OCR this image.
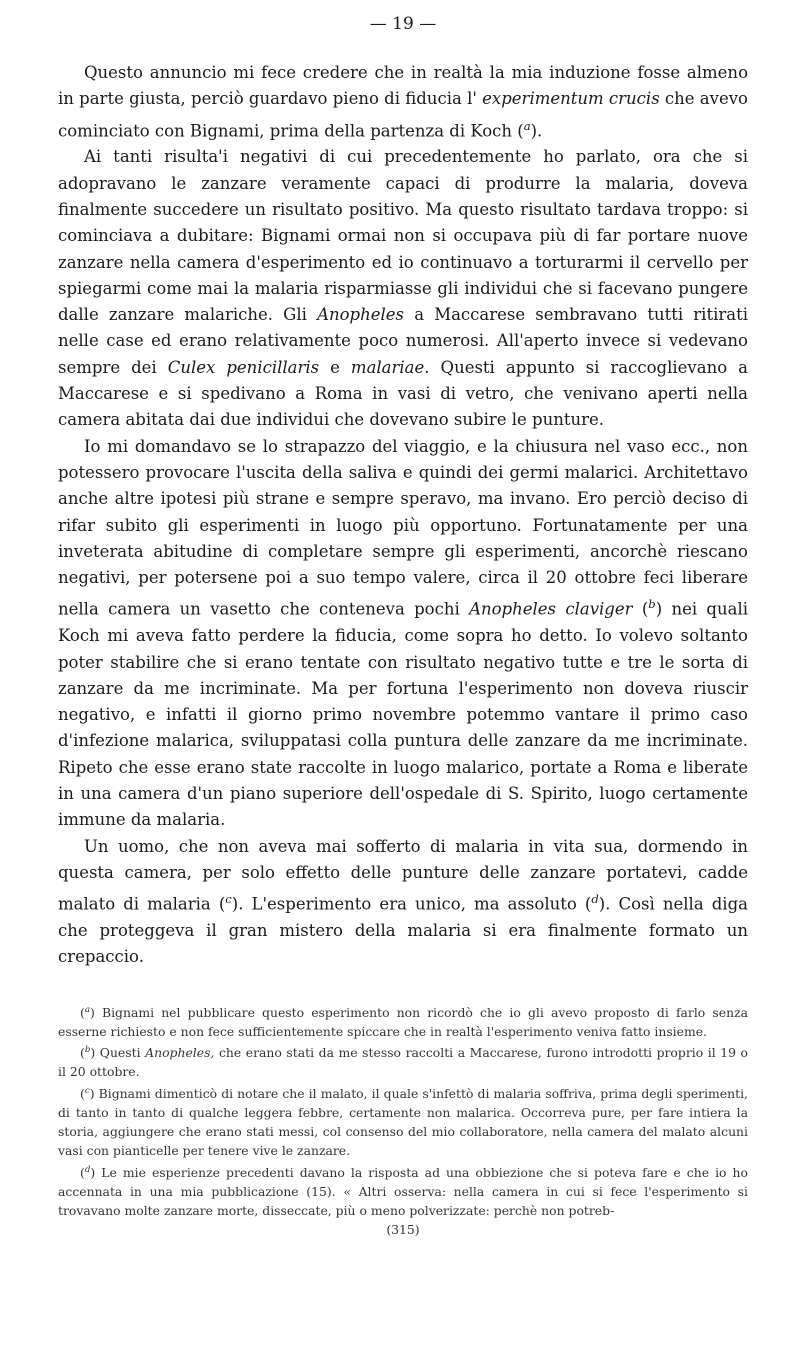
— 19 —

Questo annuncio mi fece credere che in realtà la mia induzione fosse almeno in parte giusta, perciò guardavo pieno di fiducia l' experimentum crucis che avevo cominciato con Bignami, prima della partenza di Koch ($^a$).

Ai tanti risulta'i negativi di cui precedentemente ho parlato, ora che si adopravano le zanzare veramente capaci di produrre la malaria, doveva finalmente succedere un risultato positivo. Ma questo risultato tardava troppo: si cominciava a dubitare: Bignami ormai non si occupava più di far portare nuove zanzare nella camera d'esperimento ed io continuavo a torturarmi il cervello per spiegarmi come mai la malaria risparmiasse gli individui che si facevano pungere dalle zanzare malariche. Gli Anopheles a Maccarese sembravano tutti ritirati nelle case ed erano relativamente poco numerosi. All'aperto invece si vedevano sempre dei Culex penicillaris e malariae. Questi appunto si raccoglievano a Maccarese e si spedivano a Roma in vasi di vetro, che venivano aperti nella camera abitata dai due individui che dovevano subire le punture.

Io mi domandavo se lo strapazzo del viaggio, e la chiusura nel vaso ecc., non potessero provocare l'uscita della saliva e quindi dei germi malarici. Architettavo anche altre ipotesi più strane e sempre speravo, ma invano. Ero perciò deciso di rifar subito gli esperimenti in luogo più opportuno. Fortunatamente per una inveterata abitudine di completare sempre gli esperimenti, ancorchè riescano negativi, per potersene poi a suo tempo valere, circa il 20 ottobre feci liberare nella camera un vasetto che conteneva pochi Anopheles claviger ($^b$) nei quali Koch mi aveva fatto perdere la fiducia, come sopra ho detto. Io volevo soltanto poter stabilire che si erano tentate con risultato negativo tutte e tre le sorta di zanzare da me incriminate. Ma per fortuna l'esperimento non doveva riuscir negativo, e infatti il giorno primo novembre potemmo vantare il primo caso d'infezione malarica, sviluppatasi colla puntura delle zanzare da me incriminate. Ripeto che esse erano state raccolte in luogo malarico, portate a Roma e liberate in una camera d'un piano superiore dell'ospedale di S. Spirito, luogo certamente immune da malaria.

Un uomo, che non aveva mai sofferto di malaria in vita sua, dormendo in questa camera, per solo effetto delle punture delle zanzare portatevi, cadde malato di malaria ($^c$). L'esperimento era unico, ma assoluto ($^d$). Così nella diga che proteggeva il gran mistero della malaria si era finalmente formato un crepaccio.

($^a$) Bignami nel pubblicare questo esperimento non ricordò che io gli avevo proposto di farlo senza esserne richiesto e non fece sufficientemente spiccare che in realtà l'esperimento veniva fatto insieme.

($^b$) Questi Anopheles, che erano stati da me stesso raccolti a Maccarese, furono introdotti proprio il 19 o il 20 ottobre.

($^c$) Bignami dimenticò di notare che il malato, il quale s'infettò di malaria soffriva, prima degli sperimenti, di tanto in tanto di qualche leggera febbre, certamente non malarica. Occorreva pure, per fare intiera la storia, aggiungere che erano stati messi, col consenso del mio collaboratore, nella camera del malato alcuni vasi con pianticelle per tenere vive le zanzare.

($^d$) Le mie esperienze precedenti davano la risposta ad una obbiezione che si poteva fare e che io ho accennata in una mia pubblicazione (15). « Altri osserva: nella camera in cui si fece l'esperimento si trovavano molte zanzare morte, disseccate, più o meno polverizzate: perchè non potreb-

(315)
